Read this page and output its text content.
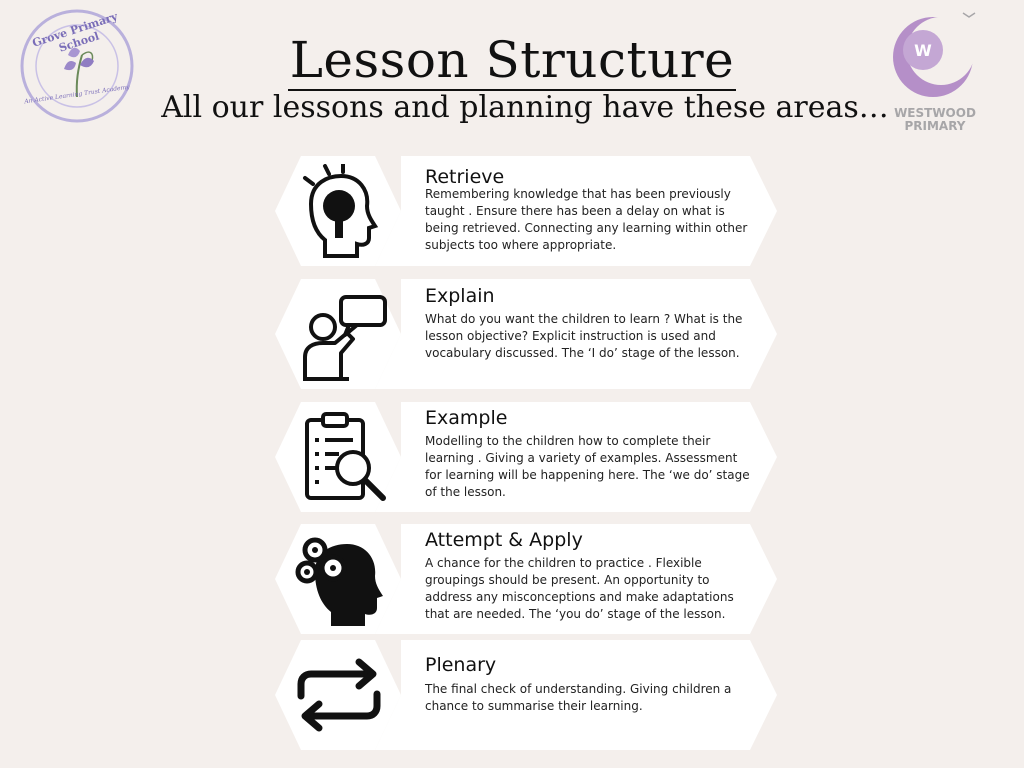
Grove Primary School
An Active Learning Trust Academy
W
WESTWOOD
PRIMARY
Lesson Structure
All our lessons and planning have these areas…
Retrieve
Remembering knowledge that has been previously taught . Ensure there has been a delay on what is being retrieved. Connecting any learning within other subjects too where appropriate.
Explain
What do you want the children to learn ? What is the lesson objective? Explicit instruction is used and vocabulary discussed. The ‘I do’ stage of the lesson.
Example
Modelling to the children how to complete their learning . Giving a variety of examples. Assessment for learning will be happening here. The ‘we do’ stage of the lesson.
Attempt & Apply
A chance for the children to practice . Flexible groupings should be present. An opportunity to address any misconceptions and make adaptations that are needed. The ‘you do’ stage of the lesson.
Plenary
The final check of understanding. Giving children a chance to summarise their learning.
